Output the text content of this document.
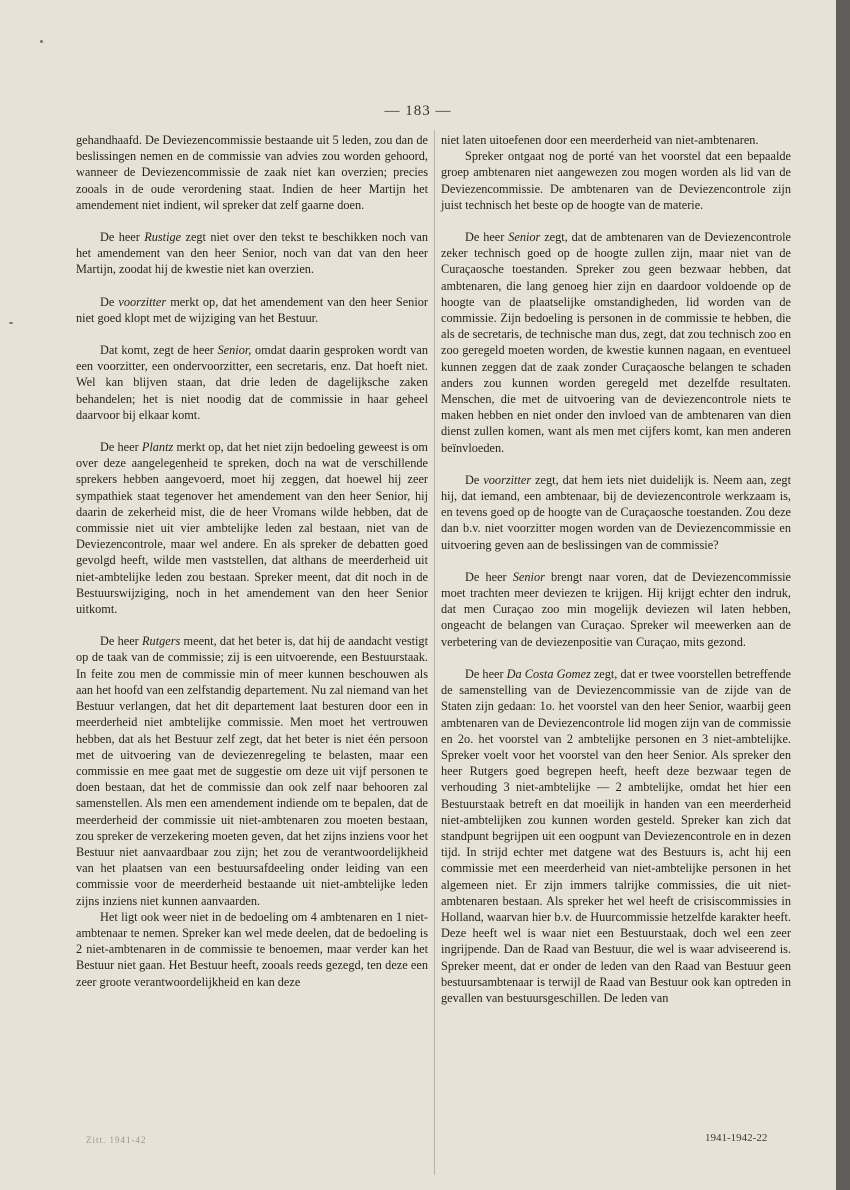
— 183 —

gehandhaafd. De Deviezencommissie bestaande uit 5 leden, zou dan de beslissingen nemen en de commissie van advies zou worden gehoord, wanneer de Deviezencommissie de zaak niet kan overzien; precies zooals in de oude verordening staat. Indien de heer Martijn het amendement niet indient, wil spreker dat zelf gaarne doen.

De heer Rustige zegt niet over den tekst te beschikken noch van het amendement van den heer Senior, noch van dat van den heer Martijn, zoodat hij de kwestie niet kan overzien.

De voorzitter merkt op, dat het amendement van den heer Senior niet goed klopt met de wijziging van het Bestuur.

Dat komt, zegt de heer Senior, omdat daarin gesproken wordt van een voorzitter, een ondervoorzitter, een secretaris, enz. Dat hoeft niet. Wel kan blijven staan, dat drie leden de dagelijksche zaken behandelen; het is niet noodig dat de commissie in haar geheel daarvoor bij elkaar komt.

De heer Plantz merkt op, dat het niet zijn bedoeling geweest is om over deze aangelegenheid te spreken, doch na wat de verschillende sprekers hebben aangevoerd, moet hij zeggen, dat hoewel hij zeer sympathiek staat tegenover het amendement van den heer Senior, hij daarin de zekerheid mist, die de heer Vromans wilde hebben, dat de commissie niet uit vier ambtelijke leden zal bestaan, niet van de Deviezencontrole, maar wel andere. En als spreker de debatten goed gevolgd heeft, wilde men vaststellen, dat althans de meerderheid uit niet-ambtelijke leden zou bestaan. Spreker meent, dat dit noch in de Bestuurswijziging, noch in het amendement van den heer Senior uitkomt.

De heer Rutgers meent, dat het beter is, dat hij de aandacht vestigt op de taak van de commissie; zij is een uitvoerende, een Bestuurstaak. In feite zou men de commissie min of meer kunnen beschouwen als aan het hoofd van een zelfstandig departement. Nu zal niemand van het Bestuur verlangen, dat het dit departement laat besturen door een in meerderheid niet ambtelijke commissie. Men moet het vertrouwen hebben, dat als het Bestuur zelf zegt, dat het beter is niet één persoon met de uitvoering van de deviezenregeling te belasten, maar een commissie en mee gaat met de suggestie om deze uit vijf personen te doen bestaan, dat het de commissie dan ook zelf naar behooren zal samenstellen. Als men een amendement indiende om te bepalen, dat de meerderheid der commissie uit niet-ambtenaren zou moeten bestaan, zou spreker de verzekering moeten geven, dat het zijns inziens voor het Bestuur niet aanvaardbaar zou zijn; het zou de verantwoordelijkheid van het plaatsen van een bestuursafdeeling onder leiding van een commissie voor de meerderheid bestaande uit niet-ambtelijke leden zijns inziens niet kunnen aanvaarden.

Het ligt ook weer niet in de bedoeling om 4 ambtenaren en 1 niet-ambtenaar te nemen. Spreker kan wel mede deelen, dat de bedoeling is 2 niet-ambtenaren in de commissie te benoemen, maar verder kan het Bestuur niet gaan. Het Bestuur heeft, zooals reeds gezegd, ten deze een zeer groote verantwoordelijkheid en kan deze

niet laten uitoefenen door een meerderheid van niet-ambtenaren.

Spreker ontgaat nog de porté van het voorstel dat een bepaalde groep ambtenaren niet aangewezen zou mogen worden als lid van de Deviezencommissie. De ambtenaren van de Deviezencontrole zijn juist technisch het beste op de hoogte van de materie.

De heer Senior zegt, dat de ambtenaren van de Deviezencontrole zeker technisch goed op de hoogte zullen zijn, maar niet van de Curaçaosche toestanden. Spreker zou geen bezwaar hebben, dat ambtenaren, die lang genoeg hier zijn en daardoor voldoende op de hoogte van de plaatselijke omstandigheden, lid worden van de commissie. Zijn bedoeling is personen in de commissie te hebben, die als de secretaris, de technische man dus, zegt, dat zou technisch zoo en zoo geregeld moeten worden, de kwestie kunnen nagaan, en eventueel kunnen zeggen dat de zaak zonder Curaçaosche belangen te schaden anders zou kunnen worden geregeld met dezelfde resultaten. Menschen, die met de uitvoering van de deviezencontrole niets te maken hebben en niet onder den invloed van de ambtenaren van dien dienst zullen komen, want als men met cijfers komt, kan men anderen beïnvloeden.

De voorzitter zegt, dat hem iets niet duidelijk is. Neem aan, zegt hij, dat iemand, een ambtenaar, bij de deviezencontrole werkzaam is, en tevens goed op de hoogte van de Curaçaosche toestanden. Zou deze dan b.v. niet voorzitter mogen worden van de Deviezencommissie en uitvoering geven aan de beslissingen van de commissie?

De heer Senior brengt naar voren, dat de Deviezencommissie moet trachten meer deviezen te krijgen. Hij krijgt echter den indruk, dat men Curaçao zoo min mogelijk deviezen wil laten hebben, ongeacht de belangen van Curaçao. Spreker wil meewerken aan de verbetering van de deviezenpositie van Curaçao, mits gezond.

De heer Da Costa Gomez zegt, dat er twee voorstellen betreffende de samenstelling van de Deviezencommissie van de zijde van de Staten zijn gedaan: 1o. het voorstel van den heer Senior, waarbij geen ambtenaren van de Deviezencontrole lid mogen zijn van de commissie en 2o. het voorstel van 2 ambtelijke personen en 3 niet-ambtelijke. Spreker voelt voor het voorstel van den heer Senior. Als spreker den heer Rutgers goed begrepen heeft, heeft deze bezwaar tegen de verhouding 3 niet-ambtelijke — 2 ambtelijke, omdat het hier een Bestuurstaak betreft en dat moeilijk in handen van een meerderheid niet-ambtelijken zou kunnen worden gesteld. Spreker kan zich dat standpunt begrijpen uit een oogpunt van Deviezencontrole en in dezen tijd. In strijd echter met datgene wat des Bestuurs is, acht hij een commissie met een meerderheid van niet-ambtelijke personen in het algemeen niet. Er zijn immers talrijke commissies, die uit niet-ambtenaren bestaan. Als spreker het wel heeft de crisiscommissies in Holland, waarvan hier b.v. de Huurcommissie hetzelfde karakter heeft. Deze heeft wel is waar niet een Bestuurstaak, doch wel een zeer ingrijpende. Dan de Raad van Bestuur, die wel is waar adviseerend is. Spreker meent, dat er onder de leden van den Raad van Bestuur geen bestuursambtenaar is terwijl de Raad van Bestuur ook kan optreden in gevallen van bestuursgeschillen. De leden van

Zitt. 1941-42	1941-1942-22
